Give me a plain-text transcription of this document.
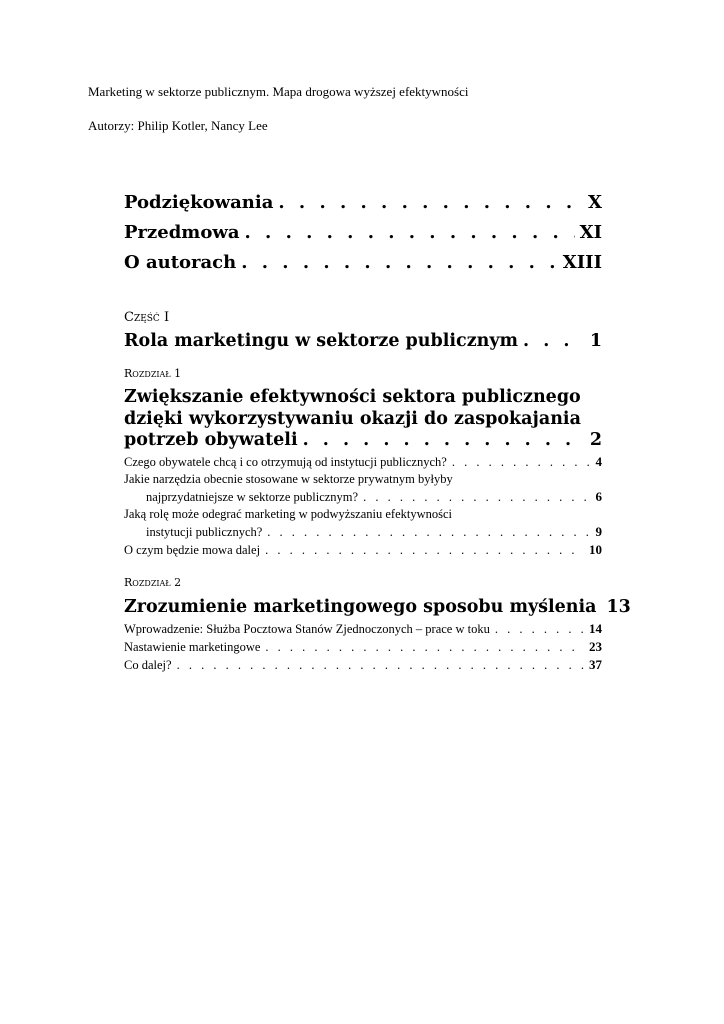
Marketing w sektorze publicznym. Mapa drogowa wyższej efektywności
Autorzy: Philip Kotler, Nancy Lee
Podziękowania . . .	X
Przedmowa . . .	XI
O autorach . . .	XIII
Część I
Rola marketingu w sektorze publicznym . . .	1
Rozdział 1
Zwiększanie efektywności sektora publicznego
dzięki wykorzystywaniu okazji do zaspokajania
potrzeb obywateli . . .	2
Czego obywatele chcą i co otrzymują od instytucji publicznych? . . .	4
Jakie narzędzia obecnie stosowane w sektorze prywatnym byłyby
najprzydatniejsze w sektorze publicznym? . . .	6
Jaką rolę może odegrać marketing w podwyższaniu efektywności
instytucji publicznych? . . .	9
O czym będzie mowa dalej . . .	10
Rozdział 2
Zrozumienie marketingowego sposobu myślenia 13
Wprowadzenie: Służba Pocztowa Stanów Zjednoczonych – prace w toku . . .	14
Nastawienie marketingowe . . .	23
Co dalej? . . .	37
